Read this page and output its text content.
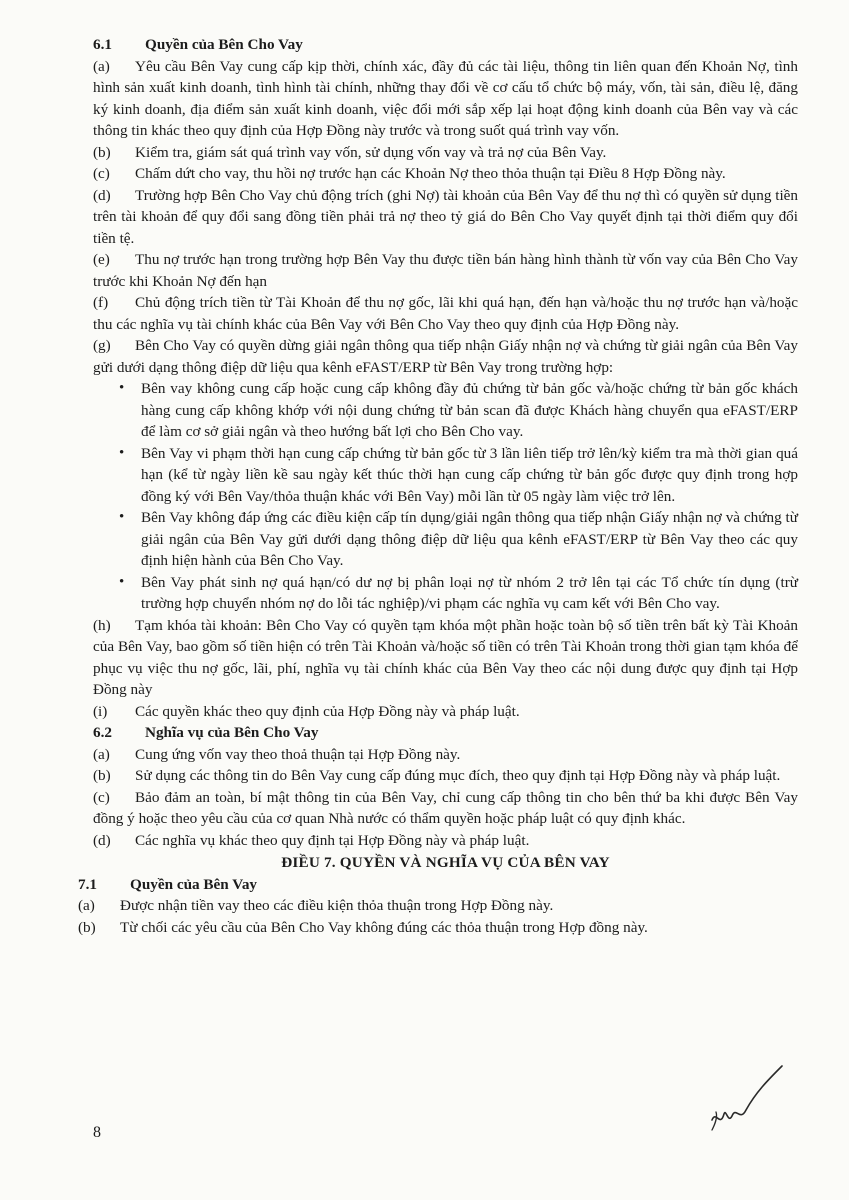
6.1	Quyền của Bên Cho Vay
(a) Yêu cầu Bên Vay cung cấp kịp thời, chính xác, đầy đủ các tài liệu, thông tin liên quan đến Khoản Nợ, tình hình sản xuất kinh doanh, tình hình tài chính, những thay đổi về cơ cấu tổ chức bộ máy, vốn, tài sản, điều lệ, đăng ký kinh doanh, địa điểm sản xuất kinh doanh, việc đổi mới sắp xếp lại hoạt động kinh doanh của Bên vay và các thông tin khác theo quy định của Hợp Đồng này trước và trong suốt quá trình vay vốn.
(b) Kiểm tra, giám sát quá trình vay vốn, sử dụng vốn vay và trả nợ của Bên Vay.
(c) Chấm dứt cho vay, thu hồi nợ trước hạn các Khoản Nợ theo thỏa thuận tại Điều 8 Hợp Đồng này.
(d) Trường hợp Bên Cho Vay chủ động trích (ghi Nợ) tài khoản của Bên Vay để thu nợ thì có quyền sử dụng tiền trên tài khoản để quy đổi sang đồng tiền phải trả nợ theo tỷ giá do Bên Cho Vay quyết định tại thời điểm quy đổi tiền tệ.
(e) Thu nợ trước hạn trong trường hợp Bên Vay thu được tiền bán hàng hình thành từ vốn vay của Bên Cho Vay trước khi Khoản Nợ đến hạn
(f) Chủ động trích tiền từ Tài Khoản để thu nợ gốc, lãi khi quá hạn, đến hạn và/hoặc thu nợ trước hạn và/hoặc thu các nghĩa vụ tài chính khác của Bên Vay với Bên Cho Vay theo quy định của Hợp Đồng này.
(g) Bên Cho Vay có quyền dừng giải ngân thông qua tiếp nhận Giấy nhận nợ và chứng từ giải ngân của Bên Vay gửi dưới dạng thông điệp dữ liệu qua kênh eFAST/ERP từ Bên Vay trong trường hợp:
• Bên vay không cung cấp hoặc cung cấp không đầy đủ chứng từ bản gốc và/hoặc chứng từ bản gốc khách hàng cung cấp không khớp với nội dung chứng từ bản scan đã được Khách hàng chuyển qua eFAST/ERP để làm cơ sở giải ngân và theo hướng bất lợi cho Bên Cho vay.
• Bên Vay vi phạm thời hạn cung cấp chứng từ bản gốc từ 3 lần liên tiếp trở lên/kỳ kiểm tra mà thời gian quá hạn (kể từ ngày liền kề sau ngày kết thúc thời hạn cung cấp chứng từ bản gốc được quy định trong hợp đồng ký với Bên Vay/thỏa thuận khác với Bên Vay) mỗi lần từ 05 ngày làm việc trở lên.
• Bên Vay không đáp ứng các điều kiện cấp tín dụng/giải ngân thông qua tiếp nhận Giấy nhận nợ và chứng từ giải ngân của Bên Vay gửi dưới dạng thông điệp dữ liệu qua kênh eFAST/ERP từ Bên Vay theo các quy định hiện hành của Bên Cho Vay.
• Bên Vay phát sinh nợ quá hạn/có dư nợ bị phân loại nợ từ nhóm 2 trở lên tại các Tổ chức tín dụng (trừ trường hợp chuyển nhóm nợ do lỗi tác nghiệp)/vi phạm các nghĩa vụ cam kết với Bên Cho vay.
(h) Tạm khóa tài khoản: Bên Cho Vay có quyền tạm khóa một phần hoặc toàn bộ số tiền trên bất kỳ Tài Khoản của Bên Vay, bao gồm số tiền hiện có trên Tài Khoản và/hoặc số tiền có trên Tài Khoản trong thời gian tạm khóa để phục vụ việc thu nợ gốc, lãi, phí, nghĩa vụ tài chính khác của Bên Vay theo các nội dung được quy định tại Hợp Đồng này
(i) Các quyền khác theo quy định của Hợp Đồng này và pháp luật.
6.2	Nghĩa vụ của Bên Cho Vay
(a) Cung ứng vốn vay theo thoả thuận tại Hợp Đồng này.
(b) Sử dụng các thông tin do Bên Vay cung cấp đúng mục đích, theo quy định tại Hợp Đồng này và pháp luật.
(c) Bảo đảm an toàn, bí mật thông tin của Bên Vay, chỉ cung cấp thông tin cho bên thứ ba khi được Bên Vay đồng ý hoặc theo yêu cầu của cơ quan Nhà nước có thẩm quyền hoặc pháp luật có quy định khác.
(d) Các nghĩa vụ khác theo quy định tại Hợp Đồng này và pháp luật.
ĐIỀU 7. QUYỀN VÀ NGHĨA VỤ CỦA BÊN VAY
7.1	Quyền của Bên Vay
(a) Được nhận tiền vay theo các điều kiện thỏa thuận trong Hợp Đồng này.
(b) Từ chối các yêu cầu của Bên Cho Vay không đúng các thỏa thuận trong Hợp đồng này.
8
